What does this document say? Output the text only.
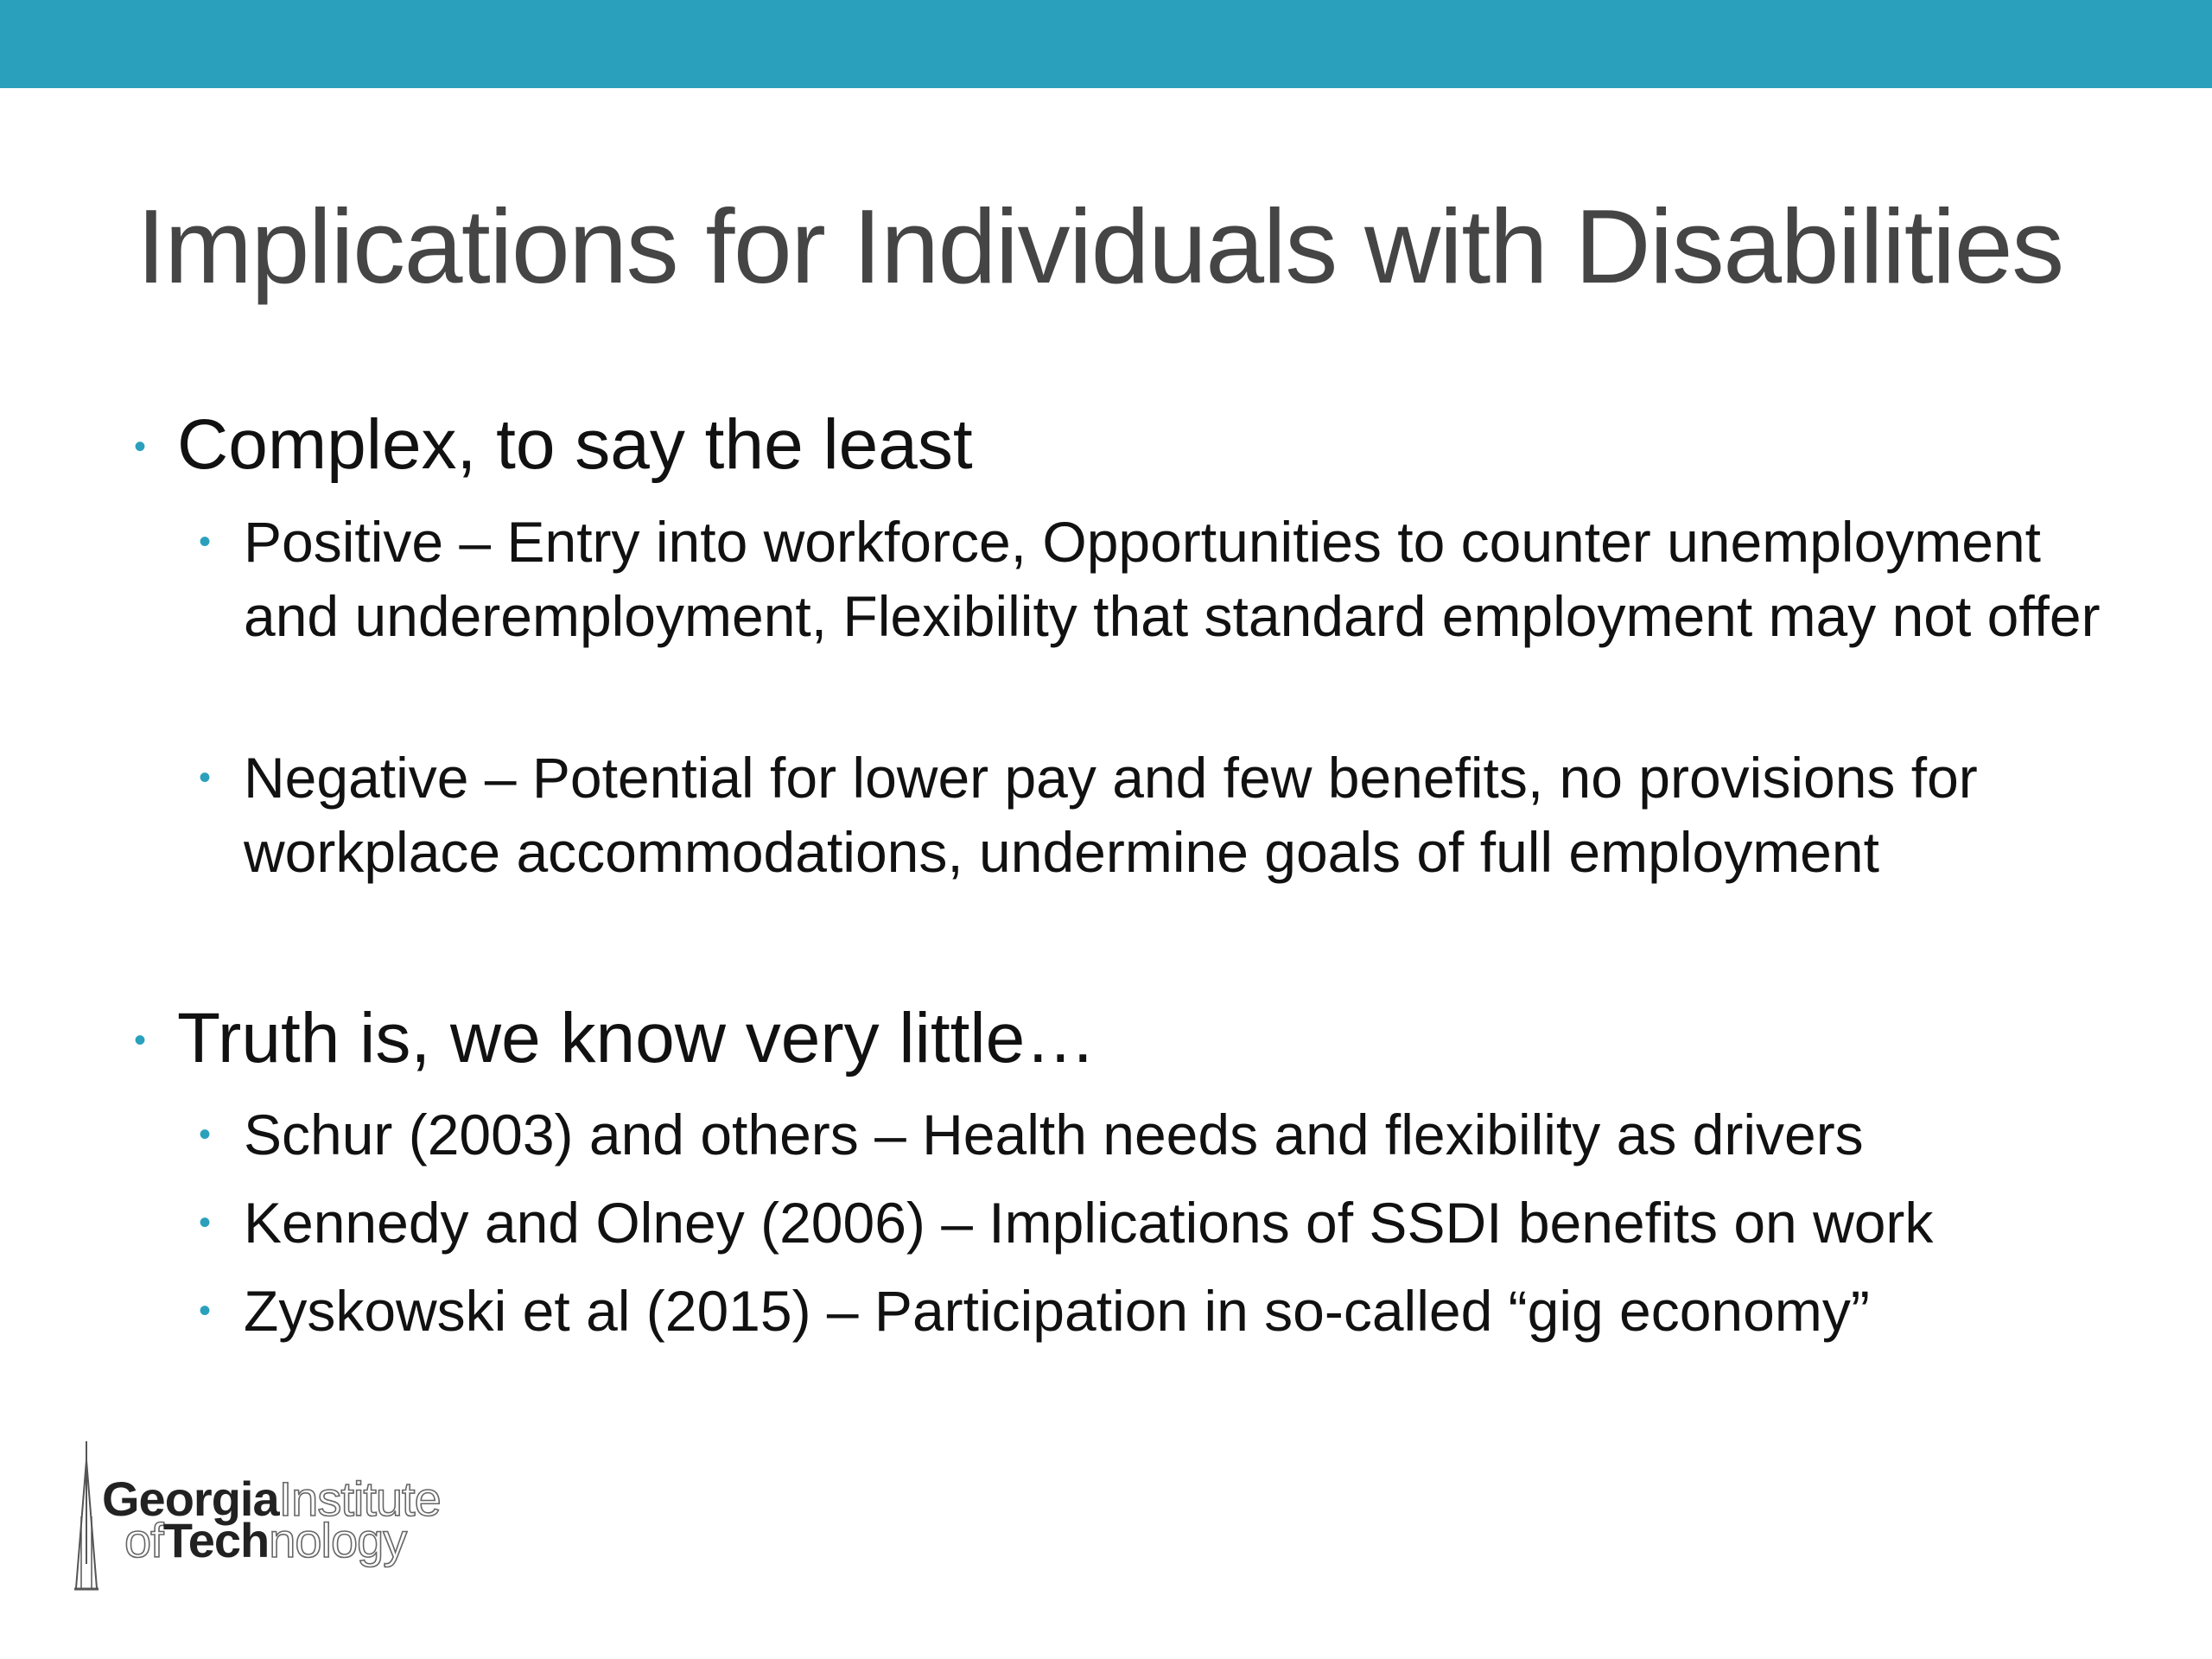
Implications for Individuals with Disabilities
• Complex, to say the least
• Positive – Entry into workforce, Opportunities to counter unemployment and underemployment, Flexibility that standard employment may not offer
• Negative – Potential for lower pay and few benefits, no provisions for workplace accommodations, undermine goals of full employment
• Truth is, we know very little…
• Schur (2003) and others – Health needs and flexibility as drivers
• Kennedy and Olney (2006) – Implications of SSDI benefits on work
• Zyskowski et al (2015) – Participation in so-called “gig economy”
GeorgiaInstitute
ofTechnology
